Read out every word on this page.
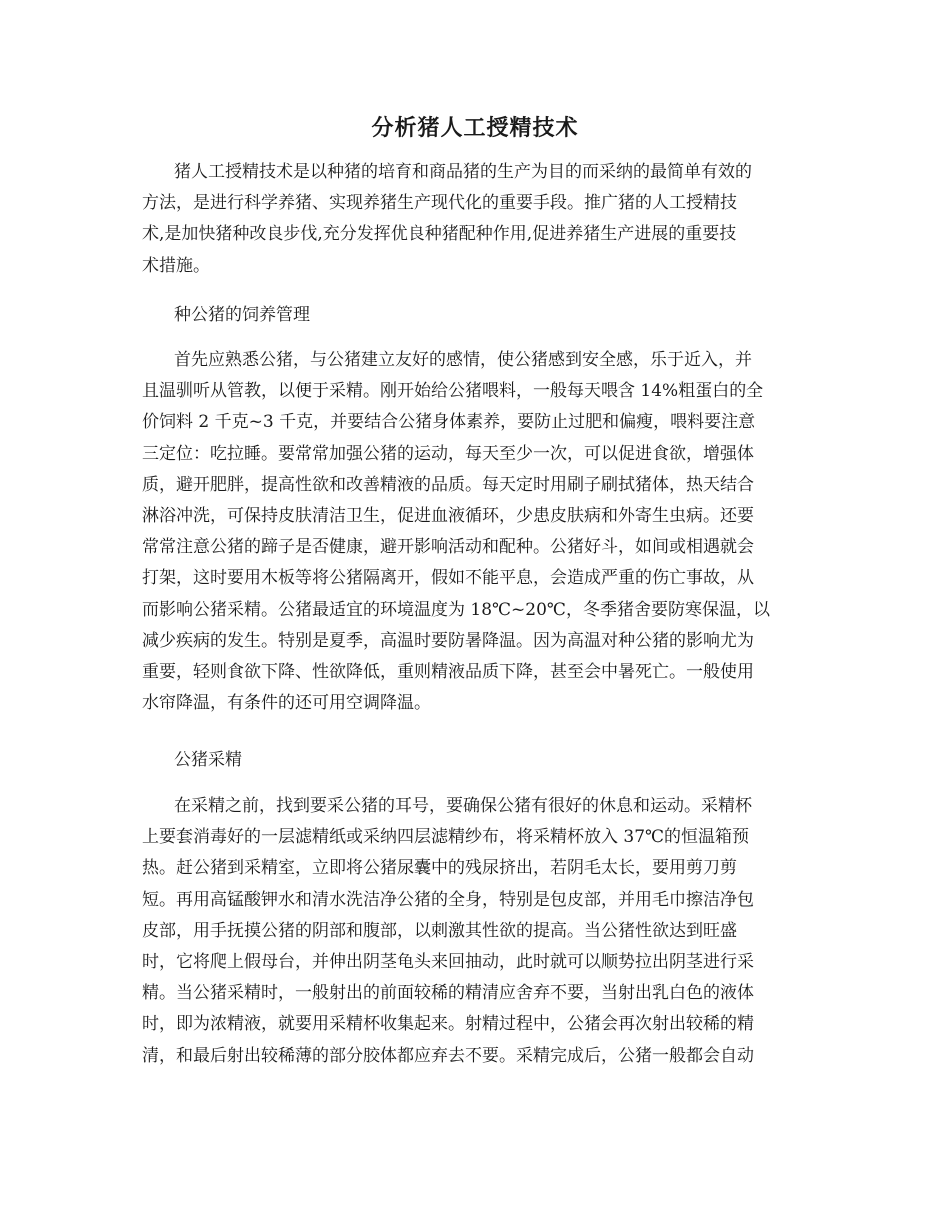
分析猪人工授精技术

猪人工授精技术是以种猪的培育和商品猪的生产为目的而采纳的最简单有效的
方法，是进行科学养猪、实现养猪生产现代化的重要手段。推广猪的人工授精技
术,是加快猪种改良步伐,充分发挥优良种猪配种作用,促进养猪生产进展的重要技
术措施。

种公猪的饲养管理

首先应熟悉公猪，与公猪建立友好的感情，使公猪感到安全感，乐于近入，并
且温驯听从管教，以便于采精。刚开始给公猪喂料，一般每天喂含 14%粗蛋白的全
价饲料 2 千克~3 千克，并要结合公猪身体素养，要防止过肥和偏瘦，喂料要注意
三定位：吃拉睡。要常常加强公猪的运动，每天至少一次，可以促进食欲，增强体
质，避开肥胖，提高性欲和改善精液的品质。每天定时用刷子刷拭猪体，热天结合
淋浴冲洗，可保持皮肤清洁卫生，促进血液循环，少患皮肤病和外寄生虫病。还要
常常注意公猪的蹄子是否健康，避开影响活动和配种。公猪好斗，如间或相遇就会
打架，这时要用木板等将公猪隔离开，假如不能平息，会造成严重的伤亡事故，从
而影响公猪采精。公猪最适宜的环境温度为 18℃~20℃，冬季猪舍要防寒保温，以
减少疾病的发生。特别是夏季，高温时要防暑降温。因为高温对种公猪的影响尤为
重要，轻则食欲下降、性欲降低，重则精液品质下降，甚至会中暑死亡。一般使用
水帘降温，有条件的还可用空调降温。

公猪采精

在采精之前，找到要采公猪的耳号，要确保公猪有很好的休息和运动。采精杯
上要套消毒好的一层滤精纸或采纳四层滤精纱布，将采精杯放入 37℃的恒温箱预
热。赶公猪到采精室，立即将公猪尿囊中的残尿挤出，若阴毛太长，要用剪刀剪
短。再用高锰酸钾水和清水洗洁净公猪的全身，特别是包皮部，并用毛巾擦洁净包
皮部，用手抚摸公猪的阴部和腹部，以刺激其性欲的提高。当公猪性欲达到旺盛
时，它将爬上假母台，并伸出阴茎龟头来回抽动，此时就可以顺势拉出阴茎进行采
精。当公猪采精时，一般射出的前面较稀的精清应舍弃不要，当射出乳白色的液体
时，即为浓精液，就要用采精杯收集起来。射精过程中，公猪会再次射出较稀的精
清，和最后射出较稀薄的部分胶体都应弃去不要。采精完成后，公猪一般都会自动
